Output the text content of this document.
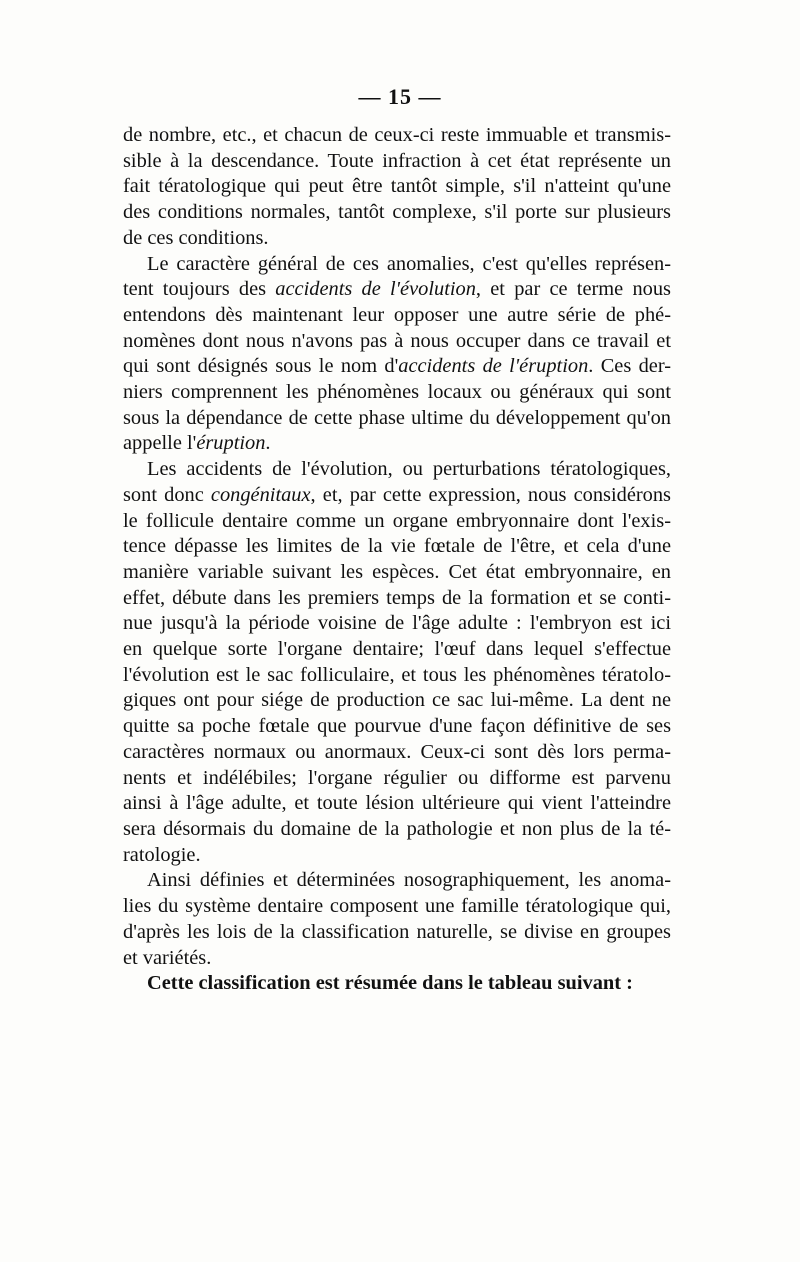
— 15 —

de nombre, etc., et chacun de ceux-ci reste immuable et transmis-
sible à la descendance. Toute infraction à cet état représente un
fait tératologique qui peut être tantôt simple, s'il n'atteint qu'une
des conditions normales, tantôt complexe, s'il porte sur plusieurs
de ces conditions.

Le caractère général de ces anomalies, c'est qu'elles représen-
tent toujours des accidents de l'évolution, et par ce terme nous
entendons dès maintenant leur opposer une autre série de phé-
nomènes dont nous n'avons pas à nous occuper dans ce travail et
qui sont désignés sous le nom d'accidents de l'éruption. Ces der-
niers comprennent les phénomènes locaux ou généraux qui sont
sous la dépendance de cette phase ultime du développement qu'on
appelle l'éruption.

Les accidents de l'évolution, ou perturbations tératologiques,
sont donc congénitaux, et, par cette expression, nous considérons
le follicule dentaire comme un organe embryonnaire dont l'exis-
tence dépasse les limites de la vie fœtale de l'être, et cela d'une
manière variable suivant les espèces. Cet état embryonnaire, en
effet, débute dans les premiers temps de la formation et se conti-
nue jusqu'à la période voisine de l'âge adulte : l'embryon est ici
en quelque sorte l'organe dentaire; l'œuf dans lequel s'effectue
l'évolution est le sac folliculaire, et tous les phénomènes tératolo-
giques ont pour siége de production ce sac lui-même. La dent ne
quitte sa poche fœtale que pourvue d'une façon définitive de ses
caractères normaux ou anormaux. Ceux-ci sont dès lors perma-
nents et indélébiles; l'organe régulier ou difforme est parvenu
ainsi à l'âge adulte, et toute lésion ultérieure qui vient l'atteindre
sera désormais du domaine de la pathologie et non plus de la té-
ratologie.

Ainsi définies et déterminées nosographiquement, les anoma-
lies du système dentaire composent une famille tératologique qui,
d'après les lois de la classification naturelle, se divise en groupes
et variétés.

Cette classification est résumée dans le tableau suivant :
